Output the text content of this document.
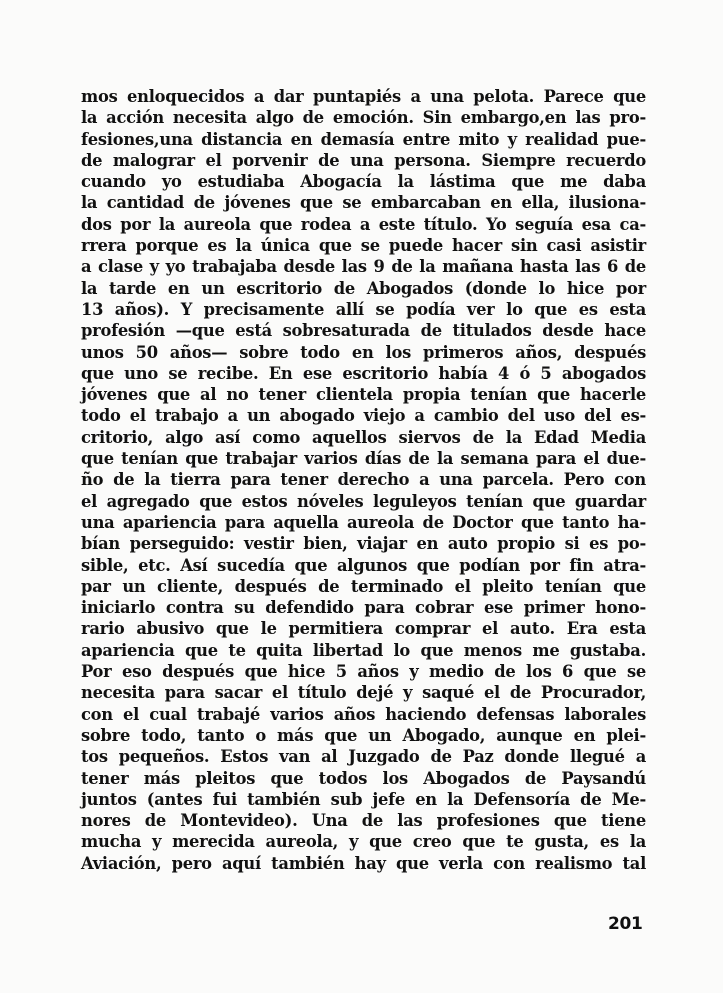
mos enloquecidos a dar puntapiés a una pelota. Parece que
la acción necesita algo de emoción. Sin embargo,en las pro-
fesiones,una distancia en demasía entre mito y realidad pue-
de malograr el porvenir de una persona. Siempre recuerdo
cuando yo estudiaba Abogacía la lástima que me daba
la cantidad de jóvenes que se embarcaban en ella, ilusiona-
dos por la aureola que rodea a este título. Yo seguía esa ca-
rrera porque es la única que se puede hacer sin casi asistir
a clase y yo trabajaba desde las 9 de la mañana hasta las 6 de
la tarde en un escritorio de Abogados (donde lo hice por
13 años). Y precisamente allí se podía ver lo que es esta
profesión —que está sobresaturada de titulados desde hace
unos 50 años— sobre todo en los primeros años, después
que uno se recibe. En ese escritorio había 4 ó 5 abogados
jóvenes que al no tener clientela propia tenían que hacerle
todo el trabajo a un abogado viejo a cambio del uso del es-
critorio, algo así como aquellos siervos de la Edad Media
que tenían que trabajar varios días de la semana para el due-
ño de la tierra para tener derecho a una parcela. Pero con
el agregado que estos nóveles leguleyos tenían que guardar
una apariencia para aquella aureola de Doctor que tanto ha-
bían perseguido: vestir bien, viajar en auto propio si es po-
sible, etc. Así sucedía que algunos que podían por fin atra-
par un cliente, después de terminado el pleito tenían que
iniciarlo contra su defendido para cobrar ese primer hono-
rario abusivo que le permitiera comprar el auto. Era esta
apariencia que te quita libertad lo que menos me gustaba.
Por eso después que hice 5 años y medio de los 6 que se
necesita para sacar el título dejé y saqué el de Procurador,
con el cual trabajé varios años haciendo defensas laborales
sobre todo, tanto o más que un Abogado, aunque en plei-
tos pequeños. Estos van al Juzgado de Paz donde llegué a
tener más pleitos que todos los Abogados de Paysandú
juntos (antes fui también sub jefe en la Defensoría de Me-
nores de Montevideo). Una de las profesiones que tiene
mucha y merecida aureola, y que creo que te gusta, es la
Aviación, pero aquí también hay que verla con realismo tal
201
